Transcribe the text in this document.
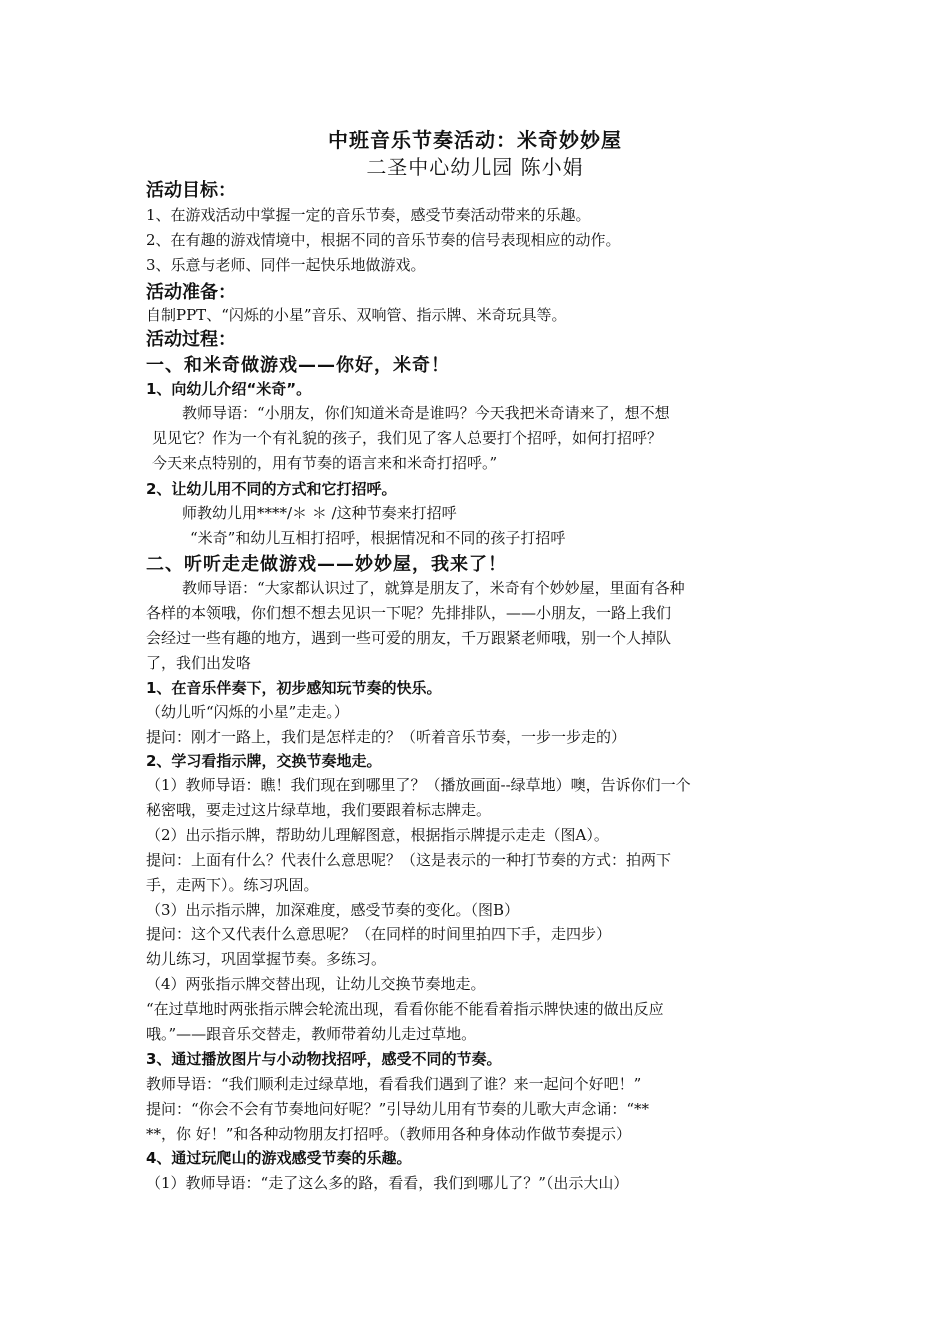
中班音乐节奏活动：米奇妙妙屋
二圣中心幼儿园 陈小娟
活动目标：
1、在游戏活动中掌握一定的音乐节奏，感受节奏活动带来的乐趣。
2、在有趣的游戏情境中，根据不同的音乐节奏的信号表现相应的动作。
3、乐意与老师、同伴一起快乐地做游戏。
活动准备：
自制PPT、“闪烁的小星”音乐、双响管、指示牌、米奇玩具等。
活动过程：
一、和米奇做游戏——你好，米奇！
1、向幼儿介绍“米奇”。
教师导语：“小朋友，你们知道米奇是谁吗？今天我把米奇请来了，想不想
见见它？作为一个有礼貌的孩子，我们见了客人总要打个招呼，如何打招呼？
今天来点特别的，用有节奏的语言来和米奇打招呼。”
2、让幼儿用不同的方式和它打招呼。
师教幼儿用****/＊ ＊ /这种节奏来打招呼
“米奇”和幼儿互相打招呼，根据情况和不同的孩子打招呼
二、听听走走做游戏——妙妙屋，我来了！
教师导语：“大家都认识过了，就算是朋友了，米奇有个妙妙屋，里面有各种
各样的本领哦，你们想不想去见识一下呢？先排排队，——小朋友，一路上我们
会经过一些有趣的地方，遇到一些可爱的朋友，千万跟紧老师哦，别一个人掉队
了，我们出发咯
1、在音乐伴奏下，初步感知玩节奏的快乐。
（幼儿听“闪烁的小星”走走。）
提问：刚才一路上，我们是怎样走的？（听着音乐节奏，一步一步走的）
2、学习看指示牌，交换节奏地走。
（1）教师导语：瞧！我们现在到哪里了？（播放画面--绿草地）噢，告诉你们一个
秘密哦，要走过这片绿草地，我们要跟着标志牌走。
（2）出示指示牌，帮助幼儿理解图意，根据指示牌提示走走（图A）。
提问：上面有什么？代表什么意思呢？（这是表示的一种打节奏的方式：拍两下
手，走两下）。练习巩固。
（3）出示指示牌，加深难度，感受节奏的变化。（图B）
提问：这个又代表什么意思呢？（在同样的时间里拍四下手，走四步）
幼儿练习，巩固掌握节奏。多练习。
（4）两张指示牌交替出现，让幼儿交换节奏地走。
“在过草地时两张指示牌会轮流出现，看看你能不能看着指示牌快速的做出反应
哦。”——跟音乐交替走，教师带着幼儿走过草地。
3、通过播放图片与小动物找招呼，感受不同的节奏。
教师导语：“我们顺利走过绿草地，看看我们遇到了谁？来一起问个好吧！”
提问：“你会不会有节奏地问好呢？”引导幼儿用有节奏的儿歌大声念诵：“**
**，你 好！”和各种动物朋友打招呼。（教师用各种身体动作做节奏提示）
4、通过玩爬山的游戏感受节奏的乐趣。
（1）教师导语：“走了这么多的路，看看，我们到哪儿了？”（出示大山）
